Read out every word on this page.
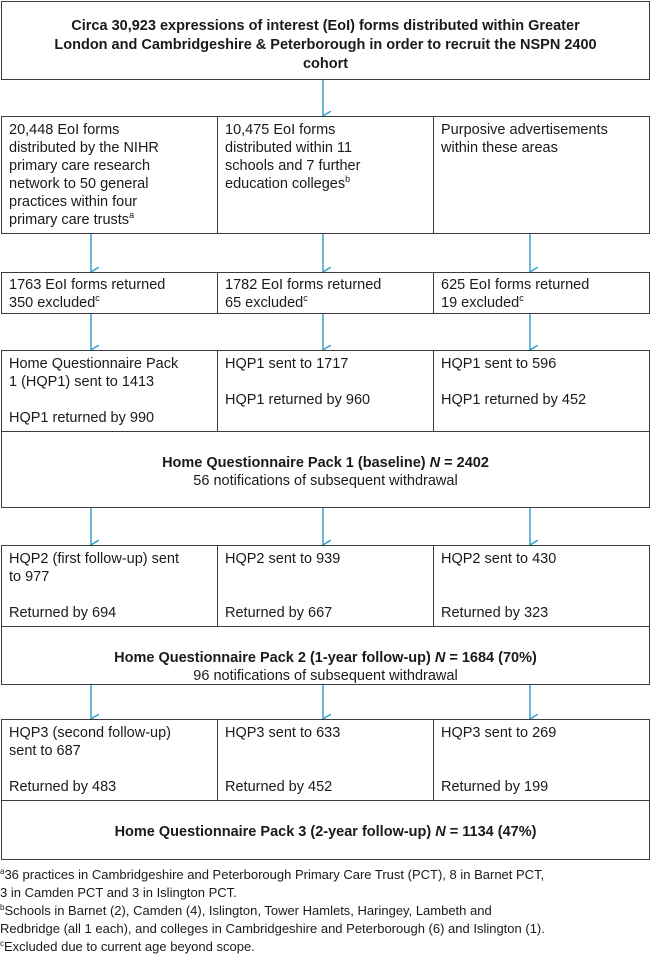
Circa 30,923 expressions of interest (EoI) forms distributed within Greater
London and Cambridgeshire & Peterborough in order to recruit the NSPN 2400
cohort
20,448 EoI forms
distributed by the NIHR
primary care research
network to 50 general
practices within four
primary care trusts$^a$
10,475 EoI forms
distributed within 11
schools and 7 further
education colleges$^b$
Purposive advertisements
within these areas
1763 EoI forms returned
350 excluded$^c$
1782 EoI forms returned
65 excluded$^c$
625 EoI forms returned
19 excluded$^c$
Home Questionnaire Pack
1 (HQP1) sent to 1413
HQP1 returned by 990
HQP1 sent to 1717
HQP1 returned by 960
HQP1 sent to 596
HQP1 returned by 452
Home Questionnaire Pack 1 (baseline) N = 2402
56 notifications of subsequent withdrawal
HQP2 (first follow-up) sent
to 977
Returned by 694
HQP2 sent to 939
Returned by 667
HQP2 sent to 430
Returned by 323
Home Questionnaire Pack 2 (1-year follow-up) N = 1684 (70%)
96 notifications of subsequent withdrawal
HQP3 (second follow-up)
sent to 687
Returned by 483
HQP3 sent to 633
Returned by 452
HQP3 sent to 269
Returned by 199
Home Questionnaire Pack 3 (2-year follow-up) N = 1134 (47%)
$^a$36 practices in Cambridgeshire and Peterborough Primary Care Trust (PCT), 8 in Barnet PCT,
3 in Camden PCT and 3 in Islington PCT.
$^b$Schools in Barnet (2), Camden (4), Islington, Tower Hamlets, Haringey, Lambeth and
Redbridge (all 1 each), and colleges in Cambridgeshire and Peterborough (6) and Islington (1).
$^c$Excluded due to current age beyond scope.
